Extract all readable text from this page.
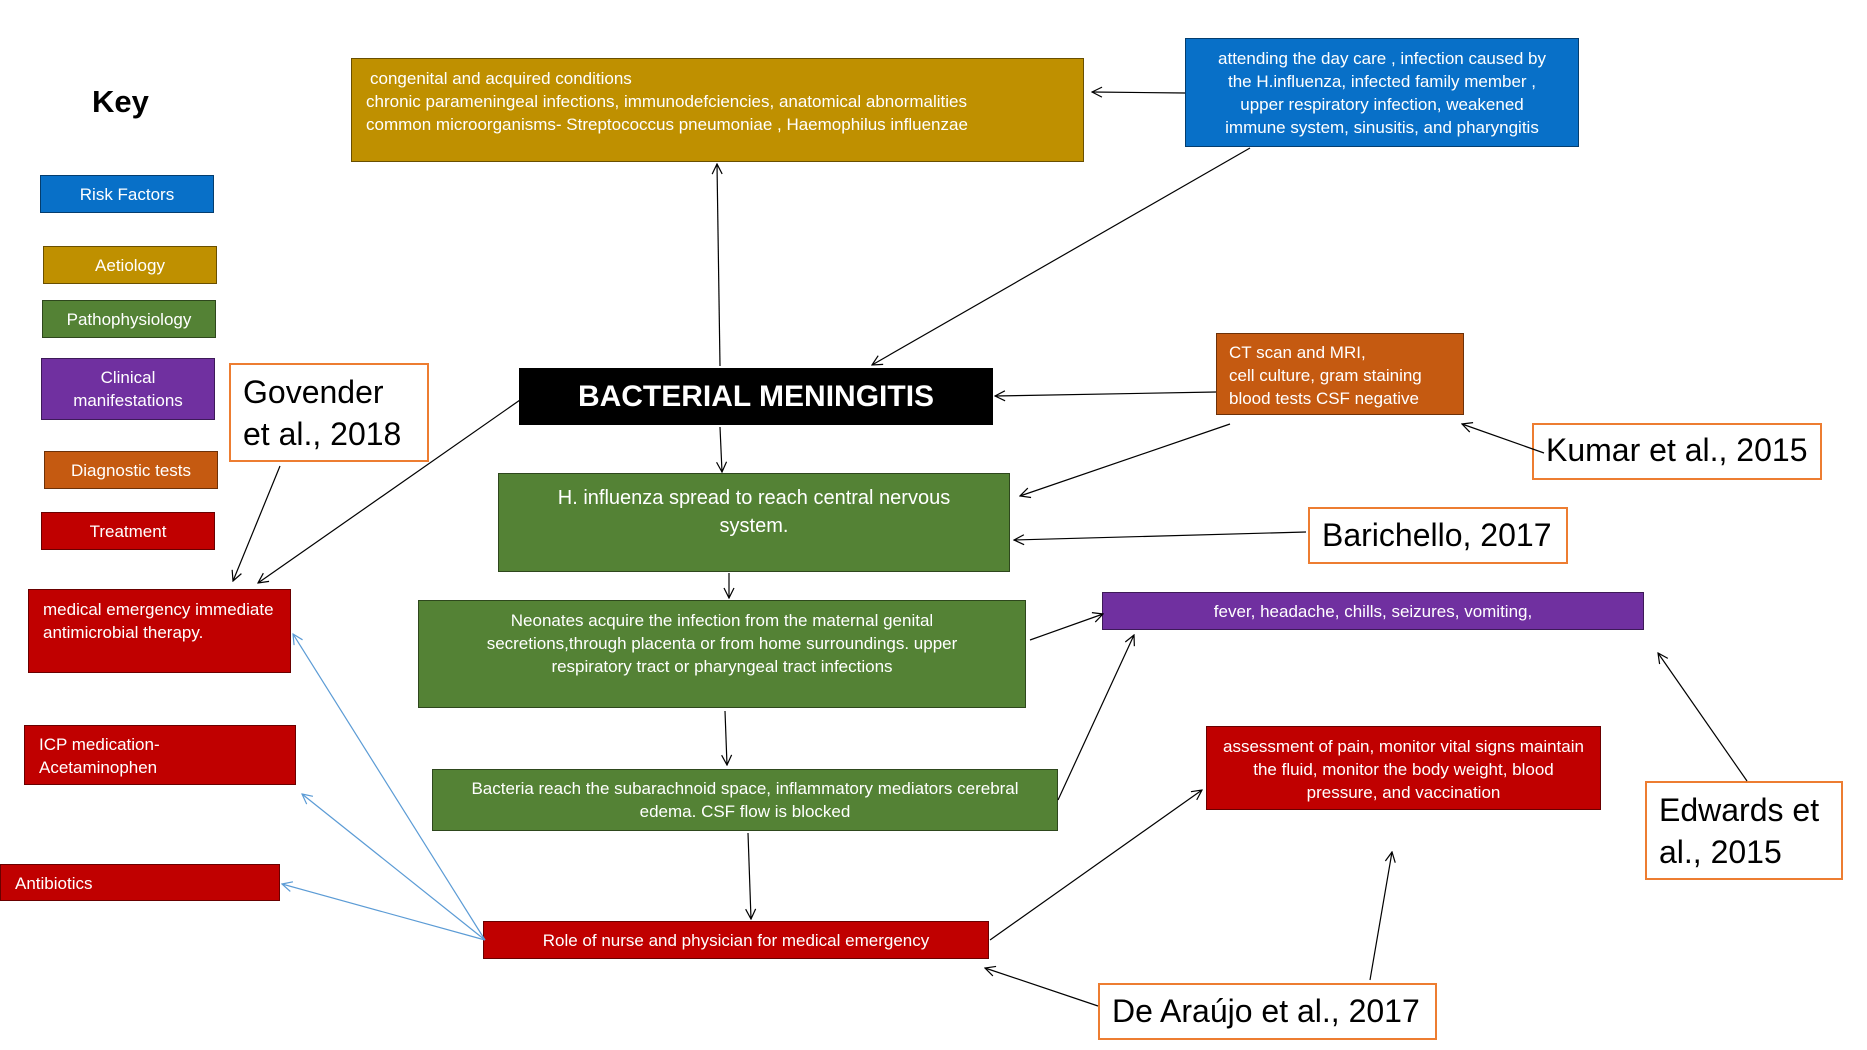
Key
Risk Factors
Aetiology
Pathophysiology
Clinical manifestations
Diagnostic tests
Treatment
congenital and acquired conditions
chronic parameningeal infections, immunodefciencies, anatomical abnormalities
common microorganisms- Streptococcus pneumoniae , Haemophilus influenzae
attending the day care , infection caused by
the H.influenza, infected family member ,
upper respiratory infection, weakened
immune system, sinusitis, and pharyngitis
BACTERIAL MENINGITIS
CT scan and MRI,
cell culture, gram staining
blood tests CSF negative
H. influenza spread to reach central nervous system.
Neonates acquire the infection from the maternal genital secretions,through placenta or from home surroundings. upper respiratory tract or pharyngeal tract infections
Bacteria reach the subarachnoid space, inflammatory mediators cerebral edema. CSF flow is blocked
fever, headache, chills, seizures, vomiting,
Role of nurse and physician for medical emergency
medical emergency immediate antimicrobial therapy.
ICP medication-Acetaminophen
Antibiotics
assessment of pain, monitor vital signs maintain the fluid, monitor the body weight, blood pressure, and vaccination
Govender et al., 2018	Kumar et al., 2015
Barichello, 2017
Edwards et al., 2015
De Araújo et al., 2017
